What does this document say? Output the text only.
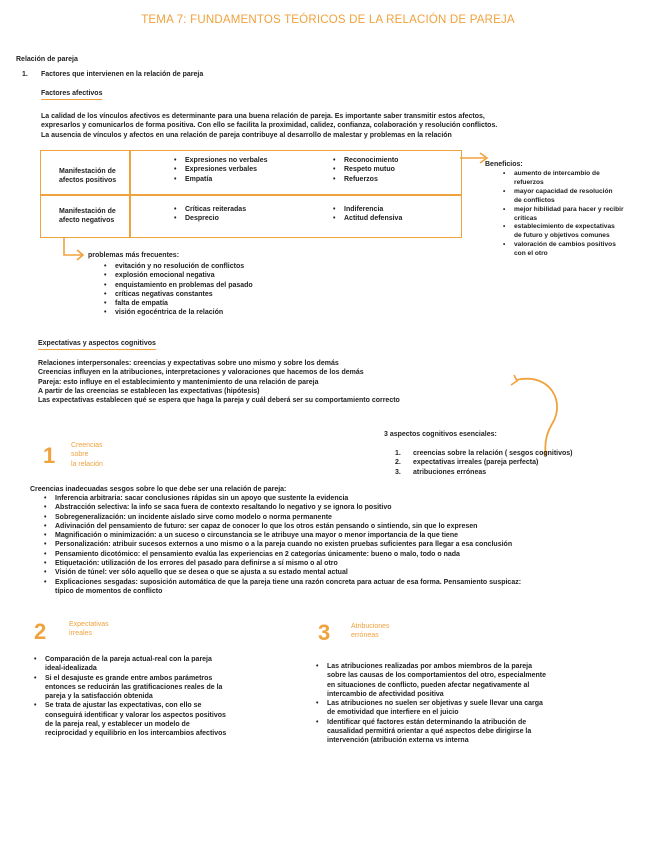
TEMA 7: FUNDAMENTOS TEÓRICOS DE LA RELACIÓN DE PAREJA
Relación de pareja
1. Factores que intervienen en la relación de pareja
Factores afectivos
La calidad de los vínculos afectivos es determinante para una buena relación de pareja. Es importante saber transmitir estos afectos,
expresarlos y comunicarlos de forma positiva. Con ello se facilita la proximidad, calidez, confianza, colaboración y resolución conflictos.
La ausencia de vínculos y afectos en una relación de pareja contribuye al desarrollo de malestar y problemas en la relación
Manifestación de
afectos positivos
• Expresiones no verbales
• Expresiones verbales
• Empatía
• Reconocimiento
• Respeto mutuo
• Refuerzos
Manifestación de
afecto negativos
• Críticas reiteradas
• Desprecio
• Indiferencia
• Actitud defensiva
Beneficios:
• aumento de intercambio de
refuerzos
• mayor capacidad de resolución
de conflictos
• mejor hibilidad para hacer y recibir
críticas
• establecimiento de expectativas
de futuro y objetivos comunes
• valoración de cambios positivos
con el otro
problemas más frecuentes:
• evitación y no resolución de conflictos
• explosión emocional negativa
• enquistamiento en problemas del pasado
• críticas negativas constantes
• falta de empatía
• visión egocéntrica de la relación
Expectativas y aspectos cognitivos
Relaciones interpersonales: creencias y expectativas sobre uno mismo y sobre los demás
Creencias influyen en la atribuciones, interpretaciones y valoraciones que hacemos de los demás
Pareja: esto influye en el establecimiento y mantenimiento de una relación de pareja
A partir de las creencias se establecen las expectativas (hipótesis)
Las expectativas establecen qué se espera que haga la pareja y cuál deberá ser su comportamiento correcto
3 aspectos cognitivos esenciales:
1. creencias sobre la relación ( sesgos cognitivos)
2. expectativas irreales (pareja perfecta)
3. atribuciones erróneas
1 Creencias
sobre
la relación
Creencias inadecuadas sesgos sobre lo que debe ser una relación de pareja:
• Inferencia arbitraria: sacar conclusiones rápidas sin un apoyo que sustente la evidencia
• Abstracción selectiva: la info se saca fuera de contexto resaltando lo negativo y se ignora lo positivo
• Sobregeneralización: un incidente aislado sirve como modelo o norma permanente
• Adivinación del pensamiento de futuro: ser capaz de conocer lo que los otros están pensando o sintiendo, sin que lo expresen
• Magnificación o minimización: a un suceso o circunstancia se le atribuye una mayor o menor importancia de la que tiene
• Personalización: atribuir sucesos externos a uno mismo o a la pareja cuando no existen pruebas suficientes para llegar a esa conclusión
• Pensamiento dicotómico: el pensamiento evalúa las experiencias en 2 categorías únicamente: bueno o malo, todo o nada
• Etiquetación: utilización de los errores del pasado para definirse a sí mismo o al otro
• Visión de túnel: ver sólo aquello que se desea o que se ajusta a su estado mental actual
• Explicaciones sesgadas: suposición automática de que la pareja tiene una razón concreta para actuar de esa forma. Pensamiento suspicaz:
típico de momentos de conflicto
2	Expectativas
irreales
• Comparación de la pareja actual-real con la pareja
ideal-idealizada
• Si el desajuste es grande entre ambos parámetros
entonces se reducirán las gratificaciones reales de la
pareja y la satisfacción obtenida
• Se trata de ajustar las expectativas, con ello se
conseguirá identificar y valorar los aspectos positivos
de la pareja real, y establecer un modelo de
reciprocidad y equilibrio en los intercambios afectivos
3	Atribuciones
erróneas
• Las atribuciones realizadas por ambos miembros de la pareja
sobre las causas de los comportamientos del otro, especialmente
en situaciones de conflicto, pueden afectar negativamente al
intercambio de afectividad positiva
• Las atribuciones no suelen ser objetivas y suele llevar una carga
de emotividad que interfiere en el juicio
• Identificar qué factores están determinando la atribución de
causalidad permitirá orientar a qué aspectos debe dirigirse la
intervención (atribución externa vs interna
